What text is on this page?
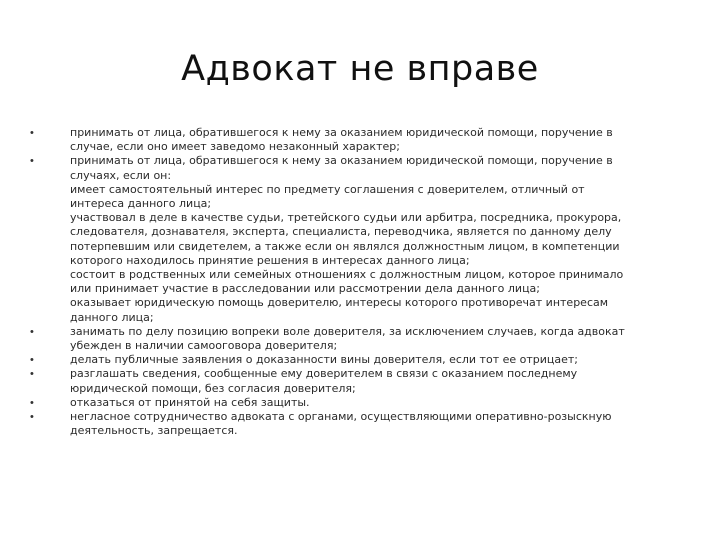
Адвокат не вправе
•	принимать от лица, обратившегося к нему за оказанием юридической помощи, поручение в
случае, если оно имеет заведомо незаконный характер;
•	принимать от лица, обратившегося к нему за оказанием юридической помощи, поручение в
случаях, если он:
имеет самостоятельный интерес по предмету соглашения с доверителем, отличный от
интереса данного лица;
участвовал в деле в качестве судьи, третейского судьи или арбитра, посредника, прокурора,
следователя, дознавателя, эксперта, специалиста, переводчика, является по данному делу
потерпевшим или свидетелем, а также если он являлся должностным лицом, в компетенции
которого находилось принятие решения в интересах данного лица;
состоит в родственных или семейных отношениях с должностным лицом, которое принимало
или принимает участие в расследовании или рассмотрении дела данного лица;
оказывает юридическую помощь доверителю, интересы которого противоречат интересам
данного лица;
•	занимать по делу позицию вопреки воле доверителя, за исключением случаев, когда адвокат
убежден в наличии самооговора доверителя;
•	делать публичные заявления о доказанности вины доверителя, если тот ее отрицает;
•	разглашать сведения, сообщенные ему доверителем в связи с оказанием последнему
юридической помощи, без согласия доверителя;
•	отказаться от принятой на себя защиты.
•	негласное сотрудничество адвоката с органами, осуществляющими оперативно-розыскную
деятельность, запрещается.
